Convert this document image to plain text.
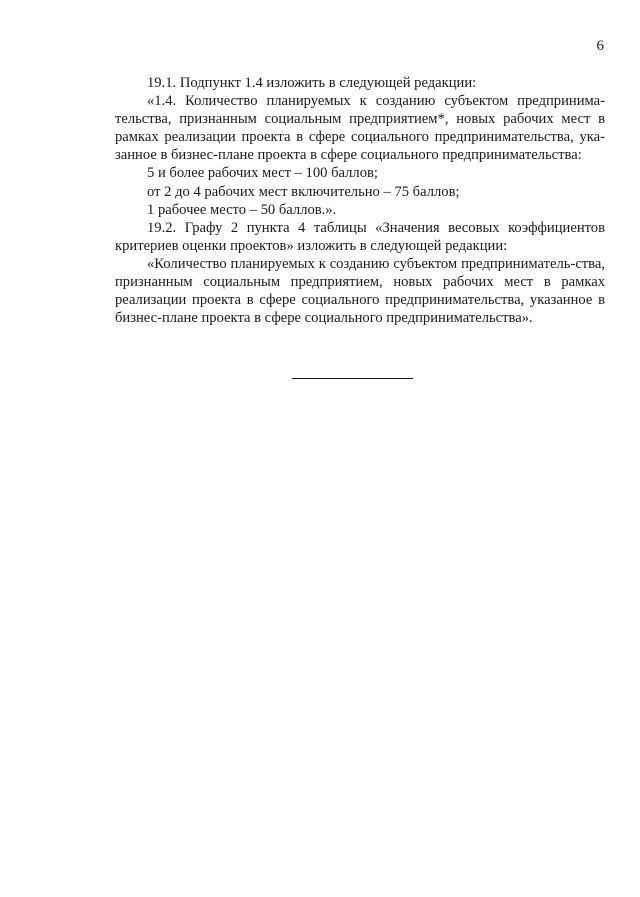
6

19.1. Подпункт 1.4 изложить в следующей редакции:

«1.4. Количество планируемых к созданию субъектом предпринима-тельства, признанным социальным предприятием*, новых рабочих мест в рамках реализации проекта в сфере социального предпринимательства, ука-занное в бизнес-плане проекта в сфере социального предпринимательства:

5 и более рабочих мест – 100 баллов;

от 2 до 4 рабочих мест включительно – 75 баллов;

1 рабочее место – 50 баллов.».

19.2. Графу 2 пункта 4 таблицы «Значения весовых коэффициентов критериев оценки проектов» изложить в следующей редакции:

«Количество планируемых к созданию субъектом предприниматель-ства, признанным социальным предприятием, новых рабочих мест в рамках реализации проекта в сфере социального предпринимательства, указанное в бизнес-плане проекта в сфере социального предпринимательства».
